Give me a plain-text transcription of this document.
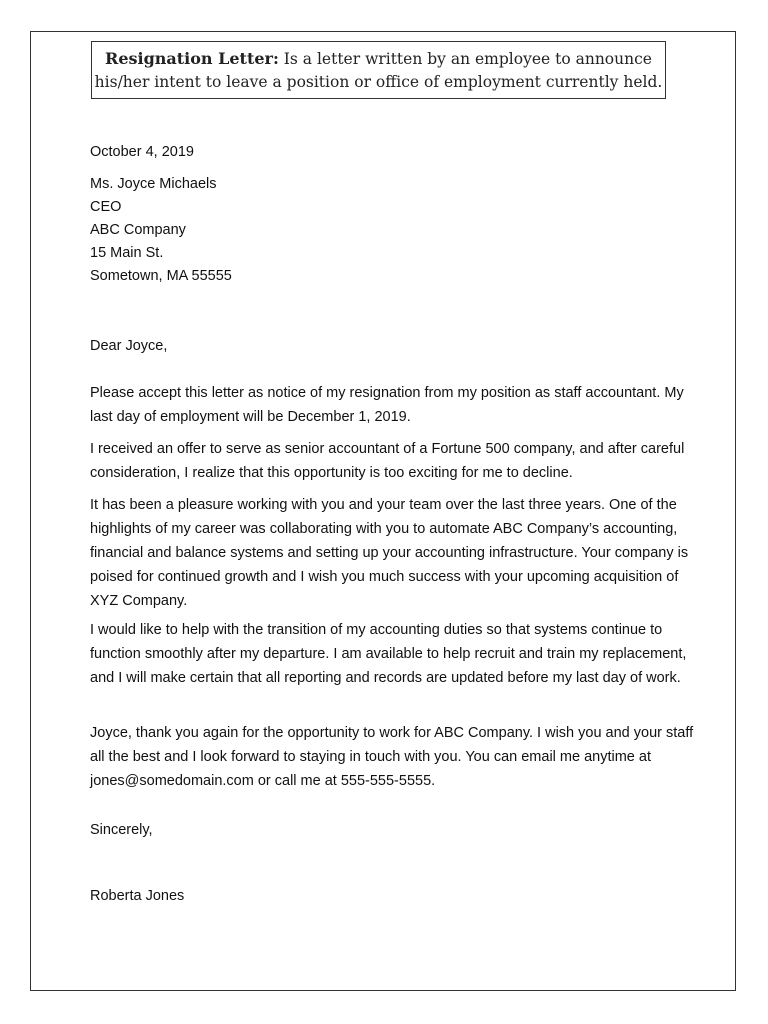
Resignation Letter: Is a letter written by an employee to announce his/her intent to leave a position or office of employment currently held.
October 4, 2019
Ms. Joyce Michaels
CEO
ABC Company
15 Main St.
Sometown, MA 55555
Dear Joyce,

Please accept this letter as notice of my resignation from my position as staff accountant. My last day of employment will be December 1, 2019.

I received an offer to serve as senior accountant of a Fortune 500 company, and after careful consideration, I realize that this opportunity is too exciting for me to decline.

It has been a pleasure working with you and your team over the last three years. One of the highlights of my career was collaborating with you to automate ABC Company’s accounting, financial and balance systems and setting up your accounting infrastructure. Your company is poised for continued growth and I wish you much success with your upcoming acquisition of XYZ Company.

I would like to help with the transition of my accounting duties so that systems continue to function smoothly after my departure. I am available to help recruit and train my replacement, and I will make certain that all reporting and records are updated before my last day of work.

Joyce, thank you again for the opportunity to work for ABC Company. I wish you and your staff all the best and I look forward to staying in touch with you. You can email me anytime at jones@somedomain.com or call me at 555-555-5555.

Sincerely,
Roberta Jones
